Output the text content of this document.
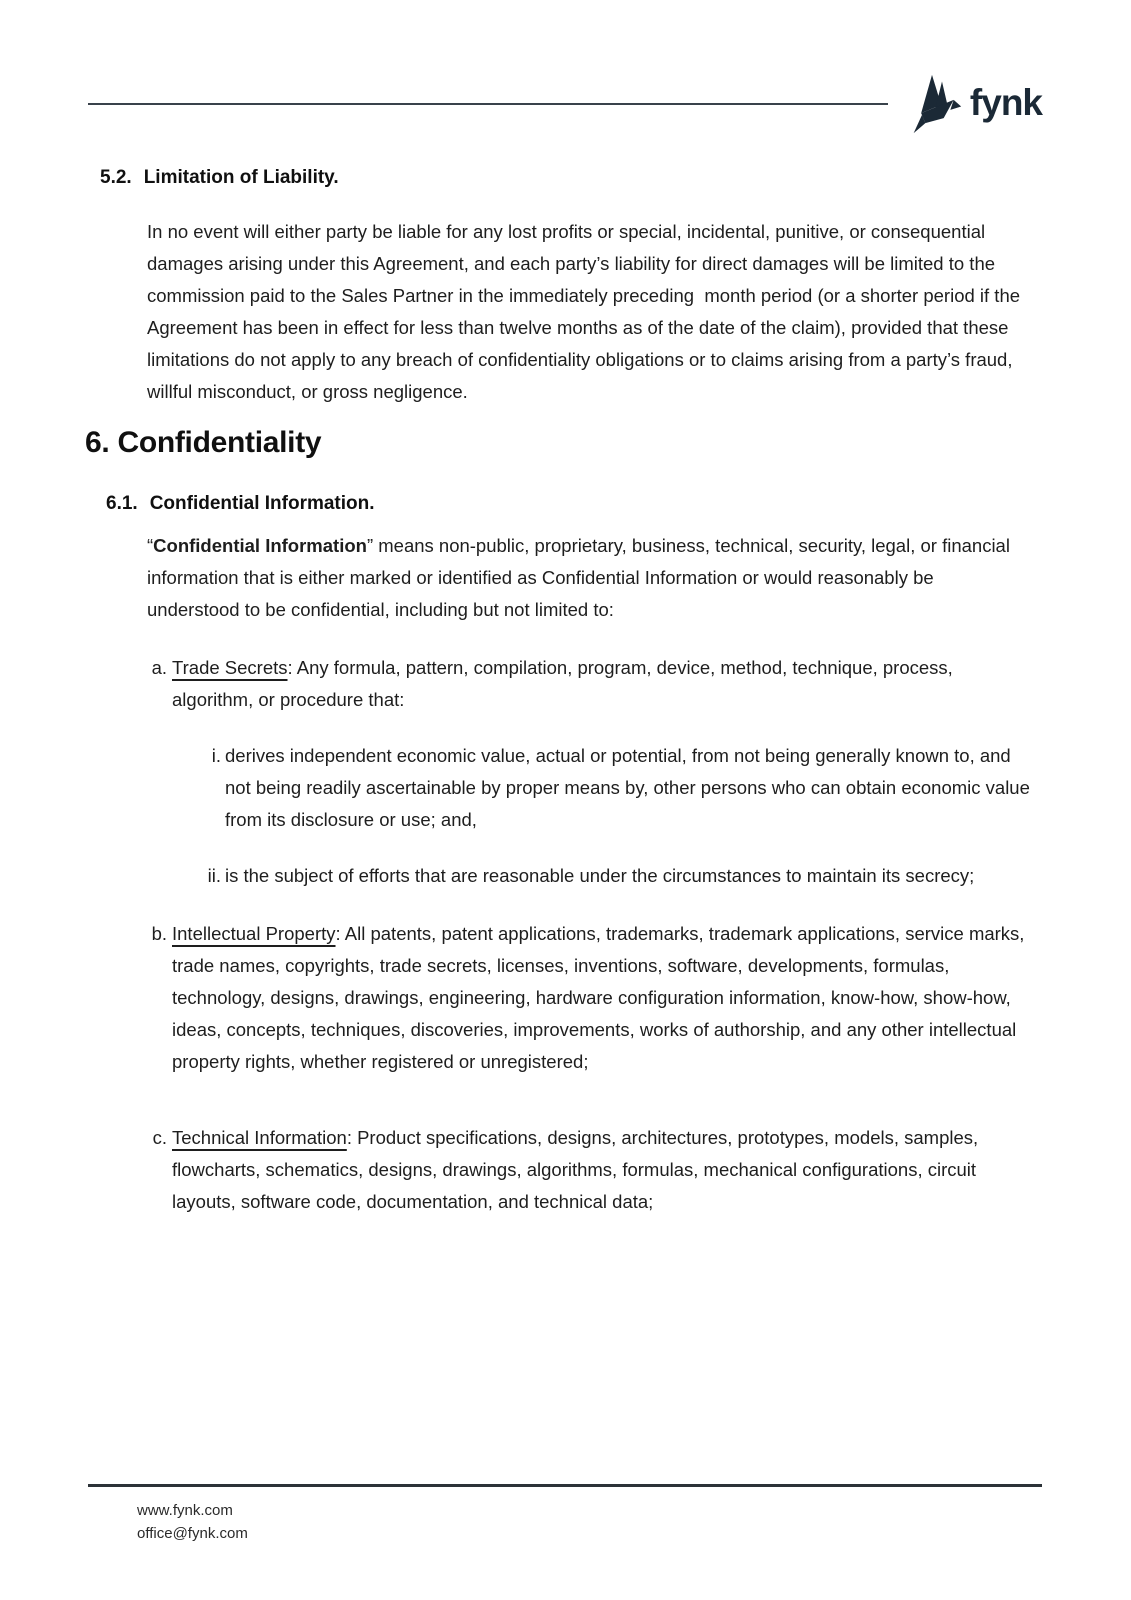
fynk
5.2. Limitation of Liability.

In no event will either party be liable for any lost profits or special, incidental, punitive, or consequential damages arising under this Agreement, and each party’s liability for direct damages will be limited to the commission paid to the Sales Partner in the immediately preceding  month period (or a shorter period if the Agreement has been in effect for less than twelve months as of the date of the claim), provided that these limitations do not apply to any breach of confidentiality obligations or to claims arising from a party’s fraud, willful misconduct, or gross negligence.

6. Confidentiality
6.1. Confidential Information.

“Confidential Information” means non-public, proprietary, business, technical, security, legal, or financial information that is either marked or identified as Confidential Information or would reasonably be understood to be confidential, including but not limited to:

a. Trade Secrets: Any formula, pattern, compilation, program, device, method, technique, process, algorithm, or procedure that:
i. derives independent economic value, actual or potential, from not being generally known to, and not being readily ascertainable by proper means by, other persons who can obtain economic value from its disclosure or use; and,
ii. is the subject of efforts that are reasonable under the circumstances to maintain its secrecy;
b. Intellectual Property: All patents, patent applications, trademarks, trademark applications, service marks, trade names, copyrights, trade secrets, licenses, inventions, software, developments, formulas, technology, designs, drawings, engineering, hardware configuration information, know-how, show-how, ideas, concepts, techniques, discoveries, improvements, works of authorship, and any other intellectual property rights, whether registered or unregistered;
c. Technical Information: Product specifications, designs, architectures, prototypes, models, samples, flowcharts, schematics, designs, drawings, algorithms, formulas, mechanical configurations, circuit layouts, software code, documentation, and technical data;
www.fynk.com
office@fynk.com
